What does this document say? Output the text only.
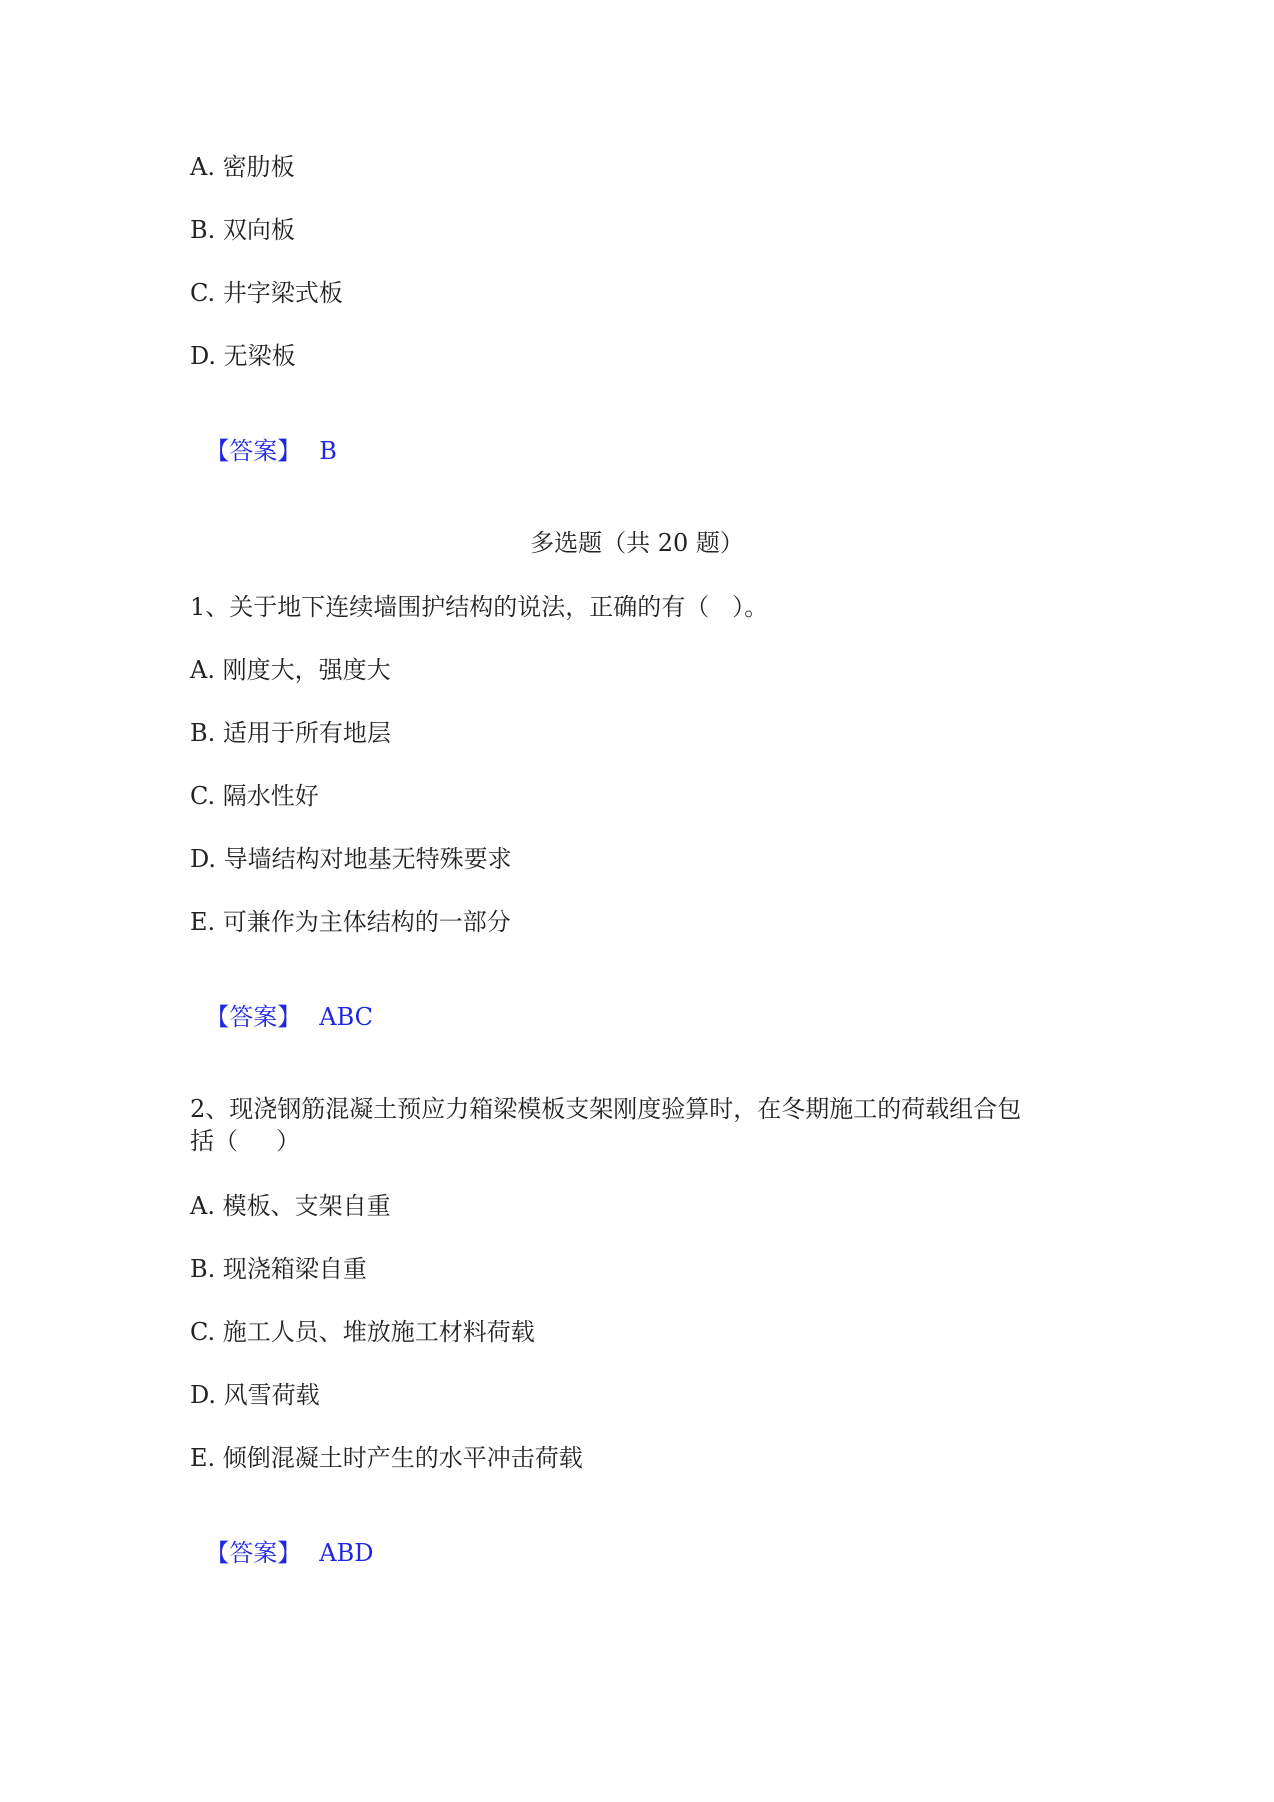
A. 密肋板
B. 双向板
C. 井字梁式板
D. 无梁板

【答案】 B

多选题（共 20 题）
1、关于地下连续墙围护结构的说法，正确的有（   ）。
A. 刚度大，强度大
B. 适用于所有地层
C. 隔水性好
D. 导墙结构对地基无特殊要求
E. 可兼作为主体结构的一部分

【答案】 ABC

2、现浇钢筋混凝土预应力箱梁模板支架刚度验算时，在冬期施工的荷载组合包
括（     ）
A. 模板、支架自重
B. 现浇箱梁自重
C. 施工人员、堆放施工材料荷载
D. 风雪荷载
E. 倾倒混凝土时产生的水平冲击荷载

【答案】 ABD
